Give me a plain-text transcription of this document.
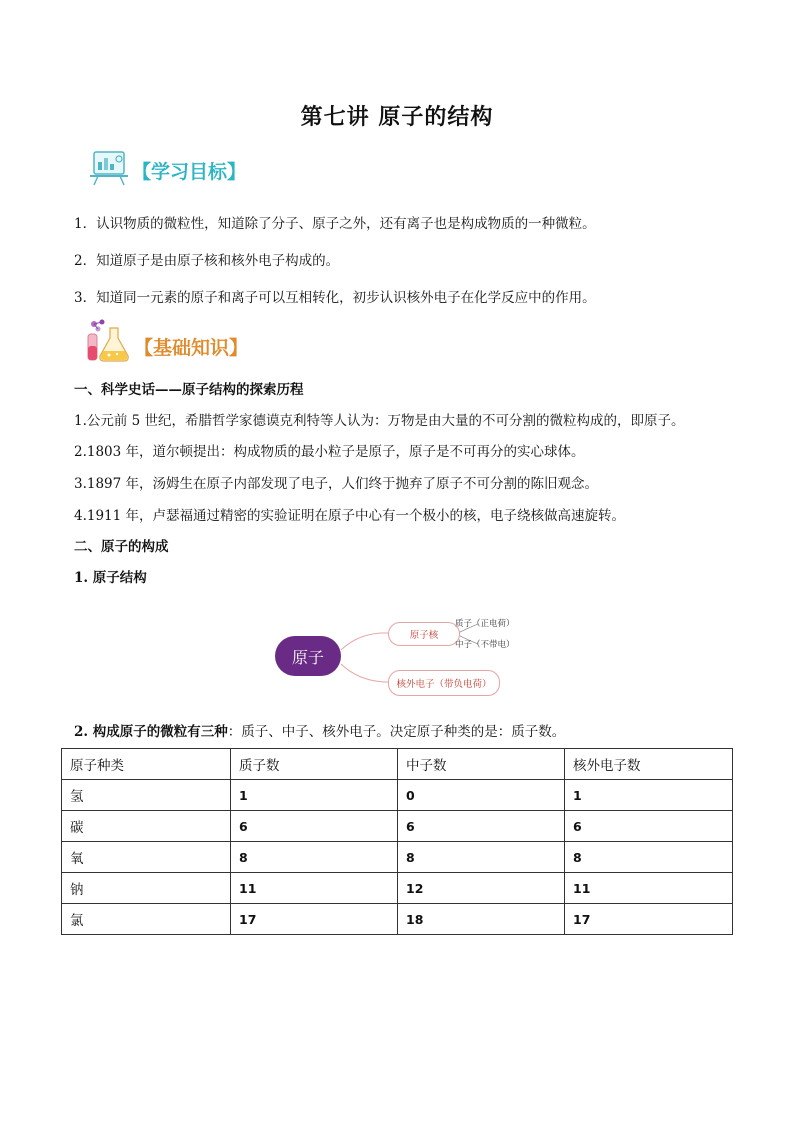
第七讲 原子的结构
【学习目标】
1．认识物质的微粒性，知道除了分子、原子之外，还有离子也是构成物质的一种微粒。
2．知道原子是由原子核和核外电子构成的。
3．知道同一元素的原子和离子可以互相转化，初步认识核外电子在化学反应中的作用。
【基础知识】
一、科学史话——原子结构的探索历程
1.公元前 5 世纪，希腊哲学家德谟克利特等人认为：万物是由大量的不可分割的微粒构成的，即原子。
2.1803 年，道尔顿提出：构成物质的最小粒子是原子，原子是不可再分的实心球体。
3.1897 年，汤姆生在原子内部发现了电子，人们终于抛弃了原子不可分割的陈旧观念。
4.1911 年，卢瑟福通过精密的实验证明在原子中心有一个极小的核，电子绕核做高速旋转。
二、原子的构成
1. 原子结构
原子
原子核
质子（正电荷）
中子（不带电）
核外电子（带负电荷）
2. 构成原子的微粒有三种：质子、中子、核外电子。决定原子种类的是：质子数。
原子种类	质子数	中子数	核外电子数
氢	1	0	1
碳	6	6	6
氧	8	8	8
钠	11	12	11
氯	17	18	17
